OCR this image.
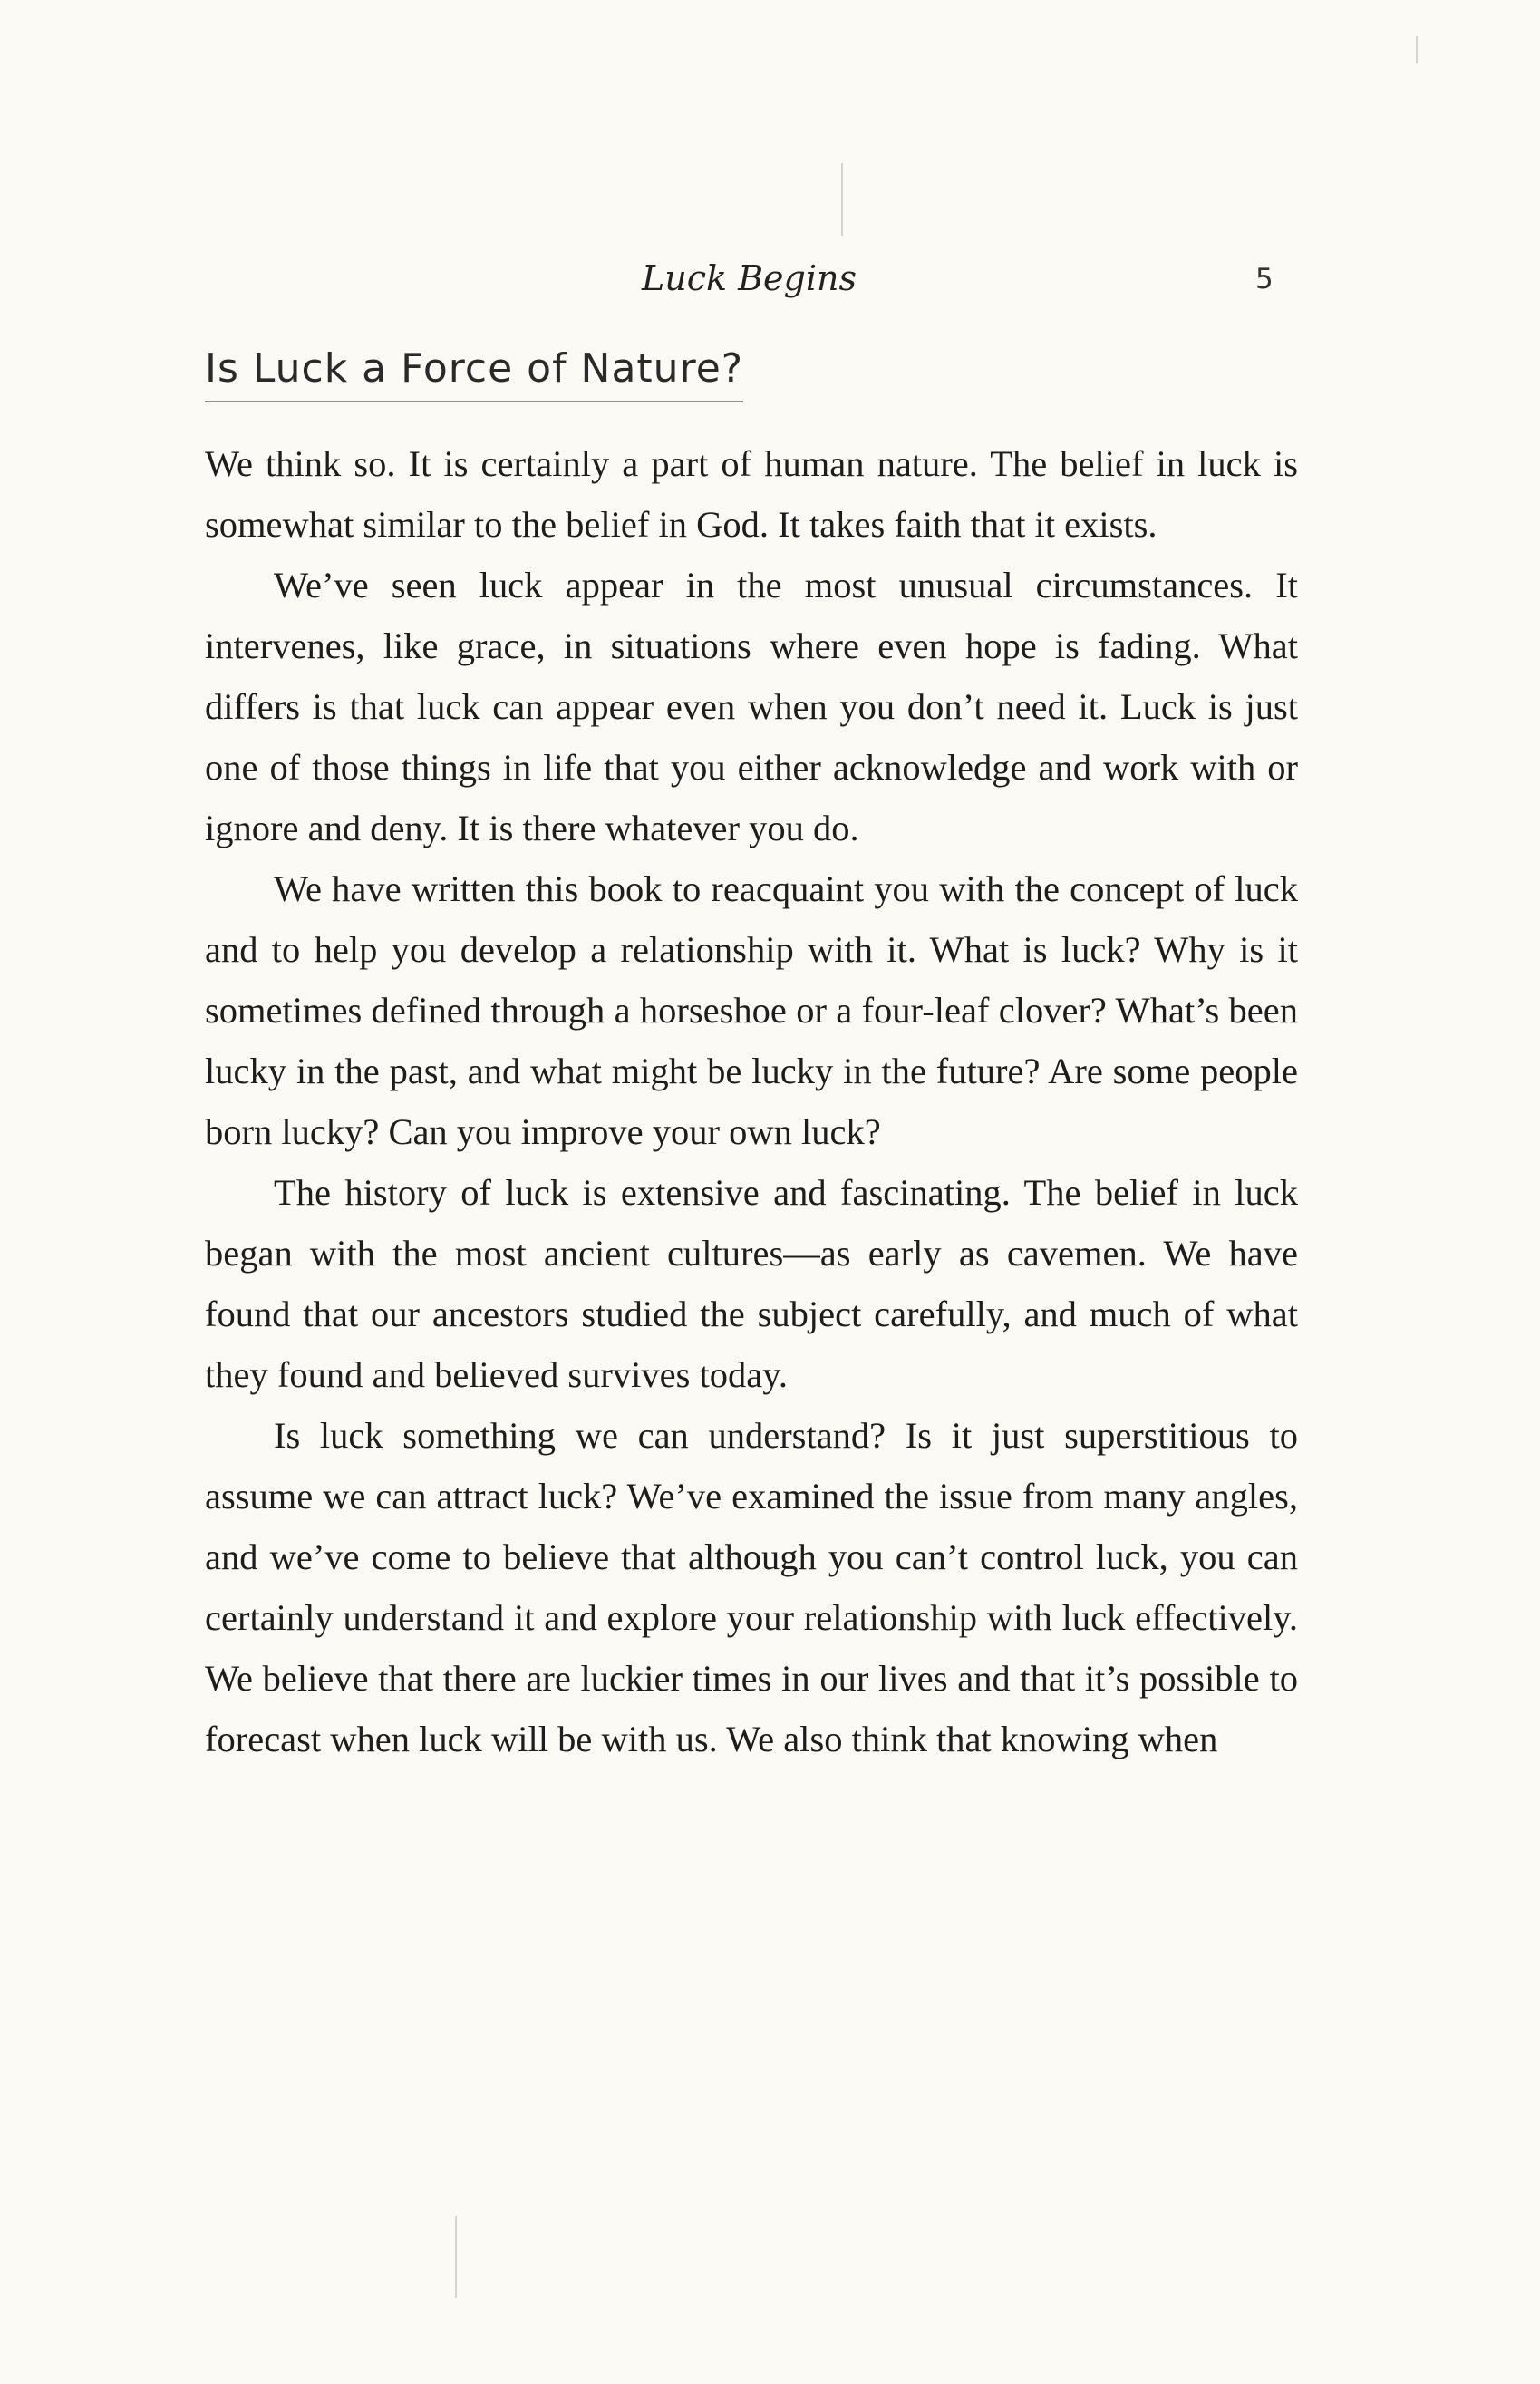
Luck Begins	5
Is Luck a Force of Nature?

We think so. It is certainly a part of human nature. The belief in luck is somewhat similar to the belief in God. It takes faith that it exists.

We’ve seen luck appear in the most unusual circumstances. It intervenes, like grace, in situations where even hope is fading. What differs is that luck can appear even when you don’t need it. Luck is just one of those things in life that you either acknowledge and work with or ignore and deny. It is there whatever you do.

We have written this book to reacquaint you with the concept of luck and to help you develop a relationship with it. What is luck? Why is it sometimes defined through a horseshoe or a four-leaf clover? What’s been lucky in the past, and what might be lucky in the future? Are some people born lucky? Can you improve your own luck?

The history of luck is extensive and fascinating. The belief in luck began with the most ancient cultures—as early as cavemen. We have found that our ancestors studied the subject carefully, and much of what they found and believed survives today.

Is luck something we can understand? Is it just superstitious to assume we can attract luck? We’ve examined the issue from many angles, and we’ve come to believe that although you can’t control luck, you can certainly understand it and explore your relationship with luck effectively. We believe that there are luckier times in our lives and that it’s possible to forecast when luck will be with us. We also think that knowing when
